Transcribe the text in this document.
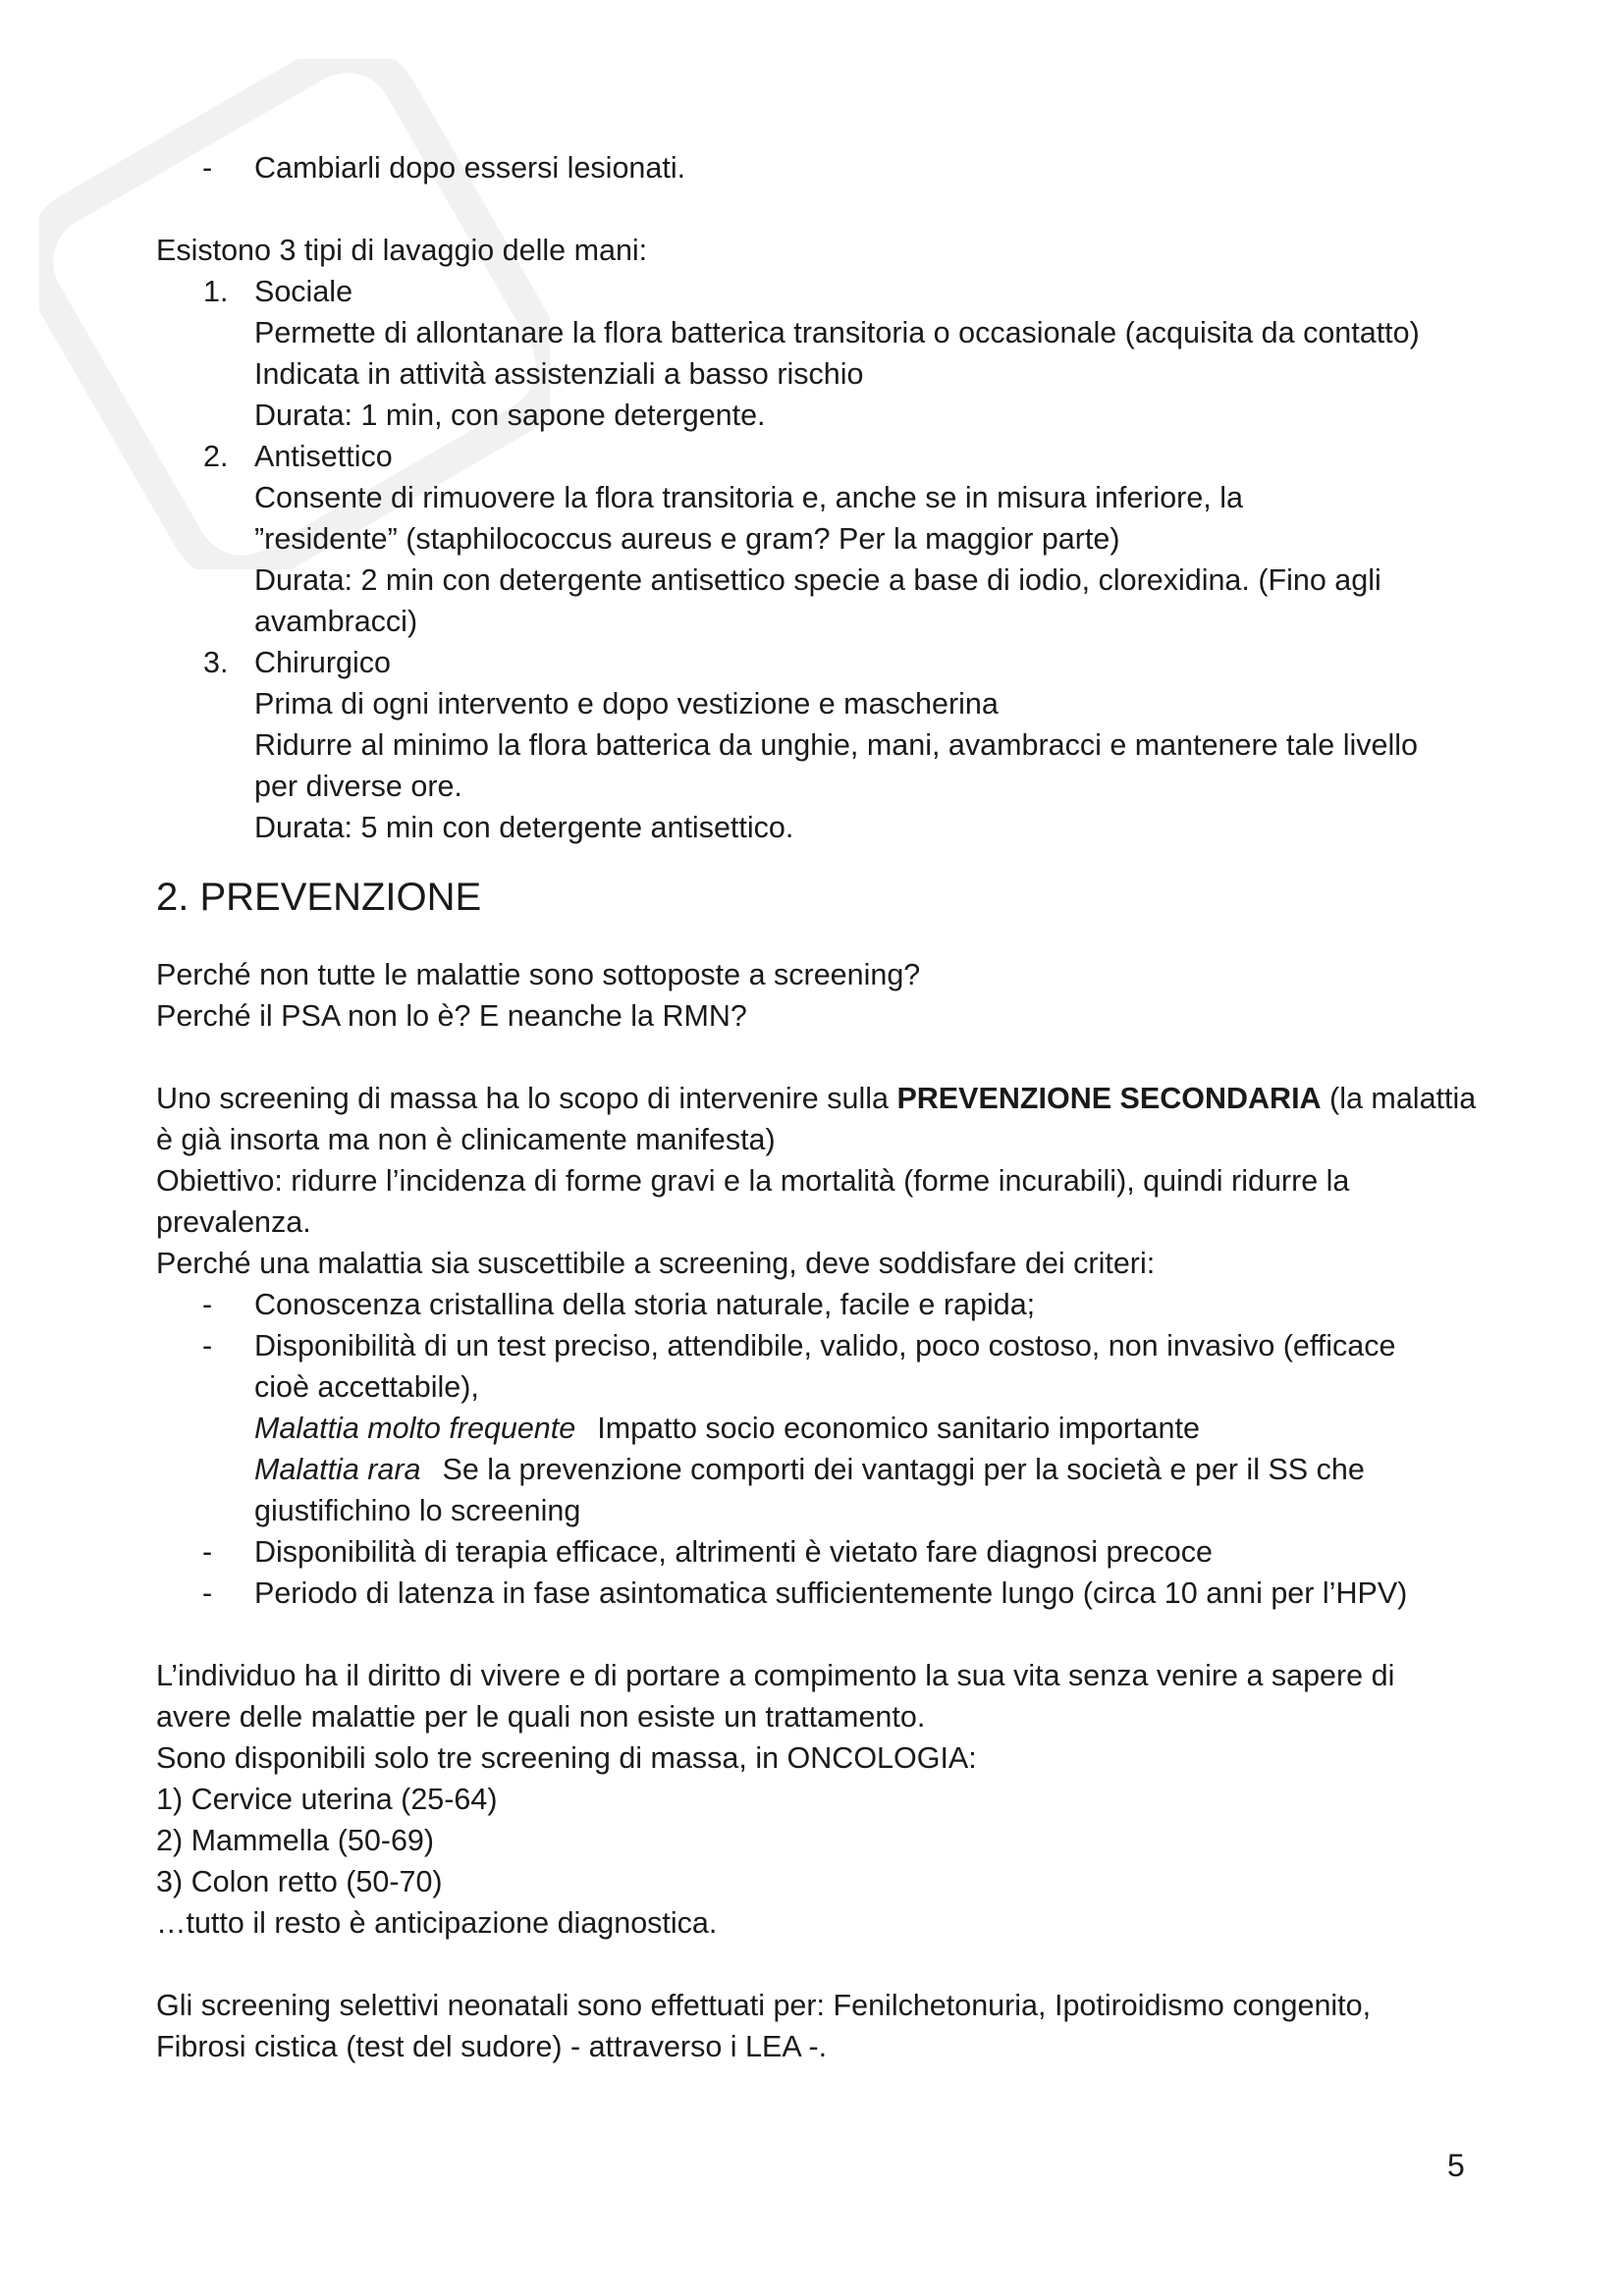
- Cambiarli dopo essersi lesionati.
Esistono 3 tipi di lavaggio delle mani:
1. Sociale
Permette di allontanare la flora batterica transitoria o occasionale (acquisita da contatto)
Indicata in attività assistenziali a basso rischio
Durata: 1 min, con sapone detergente.
2. Antisettico
Consente di rimuovere la flora transitoria e, anche se in misura inferiore, la
”residente” (staphilococcus aureus e gram? Per la maggior parte)
Durata: 2 min con detergente antisettico specie a base di iodio, clorexidina. (Fino agli
avambracci)
3. Chirurgico
Prima di ogni intervento e dopo vestizione e mascherina
Ridurre al minimo la flora batterica da unghie, mani, avambracci e mantenere tale livello
per diverse ore.
Durata: 5 min con detergente antisettico.
2. PREVENZIONE
Perché non tutte le malattie sono sottoposte a screening?
Perché il PSA non lo è? E neanche la RMN?
Uno screening di massa ha lo scopo di intervenire sulla PREVENZIONE SECONDARIA (la malattia
è già insorta ma non è clinicamente manifesta)
Obiettivo: ridurre l’incidenza di forme gravi e la mortalità (forme incurabili), quindi ridurre la
prevalenza.
Perché una malattia sia suscettibile a screening, deve soddisfare dei criteri:
- Conoscenza cristallina della storia naturale, facile e rapida;
- Disponibilità di un test preciso, attendibile, valido, poco costoso, non invasivo (efficace
cioè accettabile),
Malattia molto frequente Impatto socio economico sanitario importante
Malattia rara Se la prevenzione comporti dei vantaggi per la società e per il SS che
giustifichino lo screening
- Disponibilità di terapia efficace, altrimenti è vietato fare diagnosi precoce
- Periodo di latenza in fase asintomatica sufficientemente lungo (circa 10 anni per l’HPV)
L’individuo ha il diritto di vivere e di portare a compimento la sua vita senza venire a sapere di
avere delle malattie per le quali non esiste un trattamento.
Sono disponibili solo tre screening di massa, in ONCOLOGIA:
1) Cervice uterina (25-64)
2) Mammella (50-69)
3) Colon retto (50-70)
…tutto il resto è anticipazione diagnostica.
Gli screening selettivi neonatali sono effettuati per: Fenilchetonuria, Ipotiroidismo congenito,
Fibrosi cistica (test del sudore) - attraverso i LEA -.
5
